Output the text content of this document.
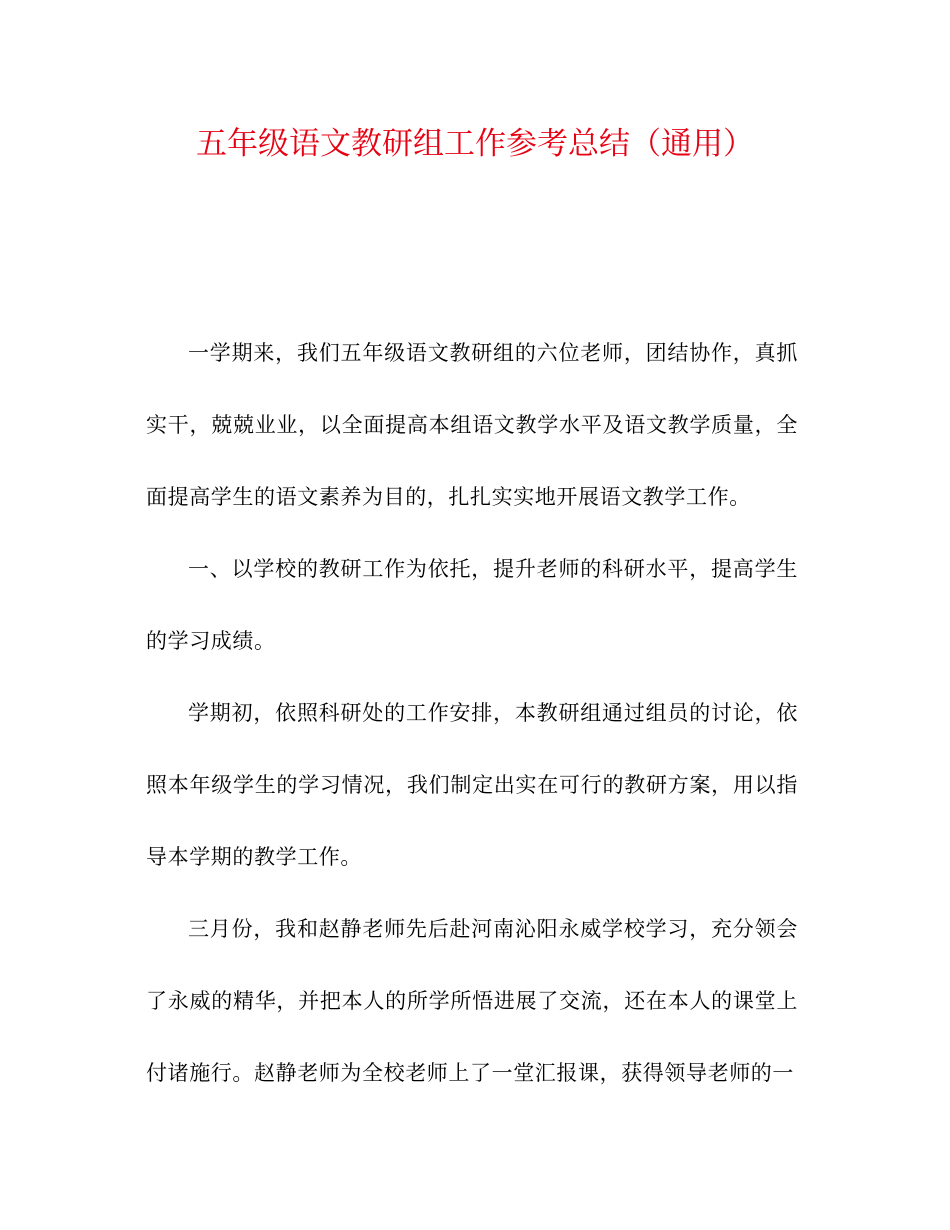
五年级语文教研组工作参考总结（通用）

一学期来，我们五年级语文教研组的六位老师，团结协作，真抓实干，兢兢业业，以全面提高本组语文教学水平及语文教学质量，全面提高学生的语文素养为目的，扎扎实实地开展语文教学工作。

一、以学校的教研工作为依托，提升老师的科研水平，提高学生的学习成绩。

学期初，依照科研处的工作安排，本教研组通过组员的讨论，依照本年级学生的学习情况，我们制定出实在可行的教研方案，用以指导本学期的教学工作。

三月份，我和赵静老师先后赴河南沁阳永威学校学习，充分领会了永威的精华，并把本人的所学所悟进展了交流，还在本人的课堂上付诸施行。赵静老师为全校老师上了一堂汇报课，获得领导老师的一
